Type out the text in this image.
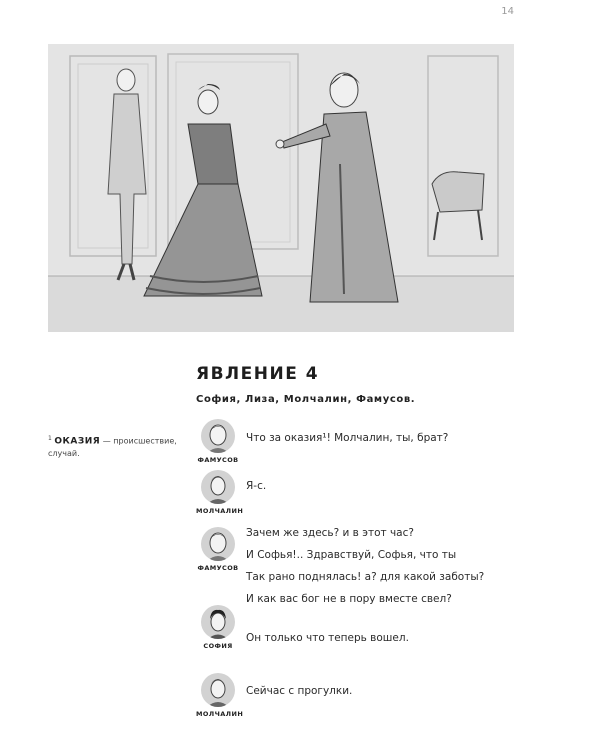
14
ЯВЛЕНИЕ 4
София, Лиза, Молчалин, Фамусов.
$^1$ ОКАЗИЯ — происшествие, случай.
ФАМУСОВ
Что за оказия¹! Молчалин, ты, брат?
МОЛЧАЛИН
Я-с.
ФАМУСОВ
Зачем же здесь? и в этот час?
И Софья!.. Здравствуй, Софья, что ты
Так рано поднялась! а? для какой заботы?
И как вас бог не в пору вместе свел?
СОФИЯ
Он только что теперь вошел.
МОЛЧАЛИН
Сейчас с прогулки.
